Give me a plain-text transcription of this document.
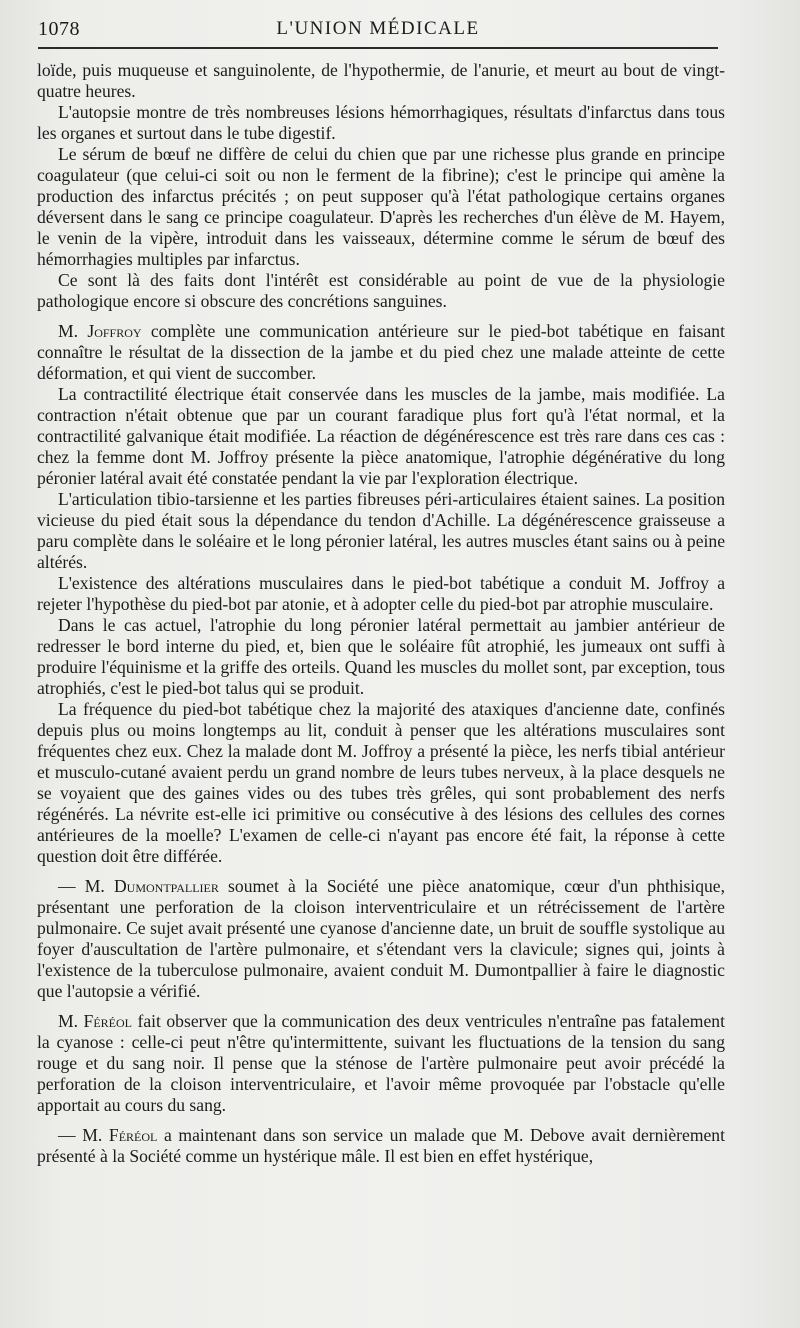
1078	L'UNION MÉDICALE

loïde, puis muqueuse et sanguinolente, de l'hypothermie, de l'anurie, et meurt au bout de vingt-quatre heures.

L'autopsie montre de très nombreuses lésions hémorrhagiques, résultats d'infarctus dans tous les organes et surtout dans le tube digestif.

Le sérum de bœuf ne diffère de celui du chien que par une richesse plus grande en principe coagulateur (que celui-ci soit ou non le ferment de la fibrine); c'est le principe qui amène la production des infarctus précités ; on peut supposer qu'à l'état pathologique certains organes déversent dans le sang ce principe coagulateur. D'après les recherches d'un élève de M. Hayem, le venin de la vipère, introduit dans les vaisseaux, détermine comme le sérum de bœuf des hémorrhagies multiples par infarctus.

Ce sont là des faits dont l'intérêt est considérable au point de vue de la physiologie pathologique encore si obscure des concrétions sanguines.

M. Joffroy complète une communication antérieure sur le pied-bot tabétique en faisant connaître le résultat de la dissection de la jambe et du pied chez une malade atteinte de cette déformation, et qui vient de succomber.

La contractilité électrique était conservée dans les muscles de la jambe, mais modifiée. La contraction n'était obtenue que par un courant faradique plus fort qu'à l'état normal, et la contractilité galvanique était modifiée. La réaction de dégénérescence est très rare dans ces cas : chez la femme dont M. Joffroy présente la pièce anatomique, l'atrophie dégénérative du long péronier latéral avait été constatée pendant la vie par l'exploration électrique.

L'articulation tibio-tarsienne et les parties fibreuses péri-articulaires étaient saines. La position vicieuse du pied était sous la dépendance du tendon d'Achille. La dégénérescence graisseuse a paru complète dans le soléaire et le long péronier latéral, les autres muscles étant sains ou à peine altérés.

L'existence des altérations musculaires dans le pied-bot tabétique a conduit M. Joffroy a rejeter l'hypothèse du pied-bot par atonie, et à adopter celle du pied-bot par atrophie musculaire.

Dans le cas actuel, l'atrophie du long péronier latéral permettait au jambier antérieur de redresser le bord interne du pied, et, bien que le soléaire fût atrophié, les jumeaux ont suffi à produire l'équinisme et la griffe des orteils. Quand les muscles du mollet sont, par exception, tous atrophiés, c'est le pied-bot talus qui se produit.

La fréquence du pied-bot tabétique chez la majorité des ataxiques d'ancienne date, confinés depuis plus ou moins longtemps au lit, conduit à penser que les altérations musculaires sont fréquentes chez eux. Chez la malade dont M. Joffroy a présenté la pièce, les nerfs tibial antérieur et musculo-cutané avaient perdu un grand nombre de leurs tubes nerveux, à la place desquels ne se voyaient que des gaines vides ou des tubes très grêles, qui sont probablement des nerfs régénérés. La névrite est-elle ici primitive ou consécutive à des lésions des cellules des cornes antérieures de la moelle? L'examen de celle-ci n'ayant pas encore été fait, la réponse à cette question doit être différée.

— M. Dumontpallier soumet à la Société une pièce anatomique, cœur d'un phthisique, présentant une perforation de la cloison interventriculaire et un rétrécissement de l'artère pulmonaire. Ce sujet avait présenté une cyanose d'ancienne date, un bruit de souffle systolique au foyer d'auscultation de l'artère pulmonaire, et s'étendant vers la clavicule; signes qui, joints à l'existence de la tuberculose pulmonaire, avaient conduit M. Dumontpallier à faire le diagnostic que l'autopsie a vérifié.

M. Féréol fait observer que la communication des deux ventricules n'entraîne pas fatalement la cyanose : celle-ci peut n'être qu'intermittente, suivant les fluctuations de la tension du sang rouge et du sang noir. Il pense que la sténose de l'artère pulmonaire peut avoir précédé la perforation de la cloison interventriculaire, et l'avoir même provoquée par l'obstacle qu'elle apportait au cours du sang.

— M. Féréol a maintenant dans son service un malade que M. Debove avait dernièrement présenté à la Société comme un hystérique mâle. Il est bien en effet hystérique,
